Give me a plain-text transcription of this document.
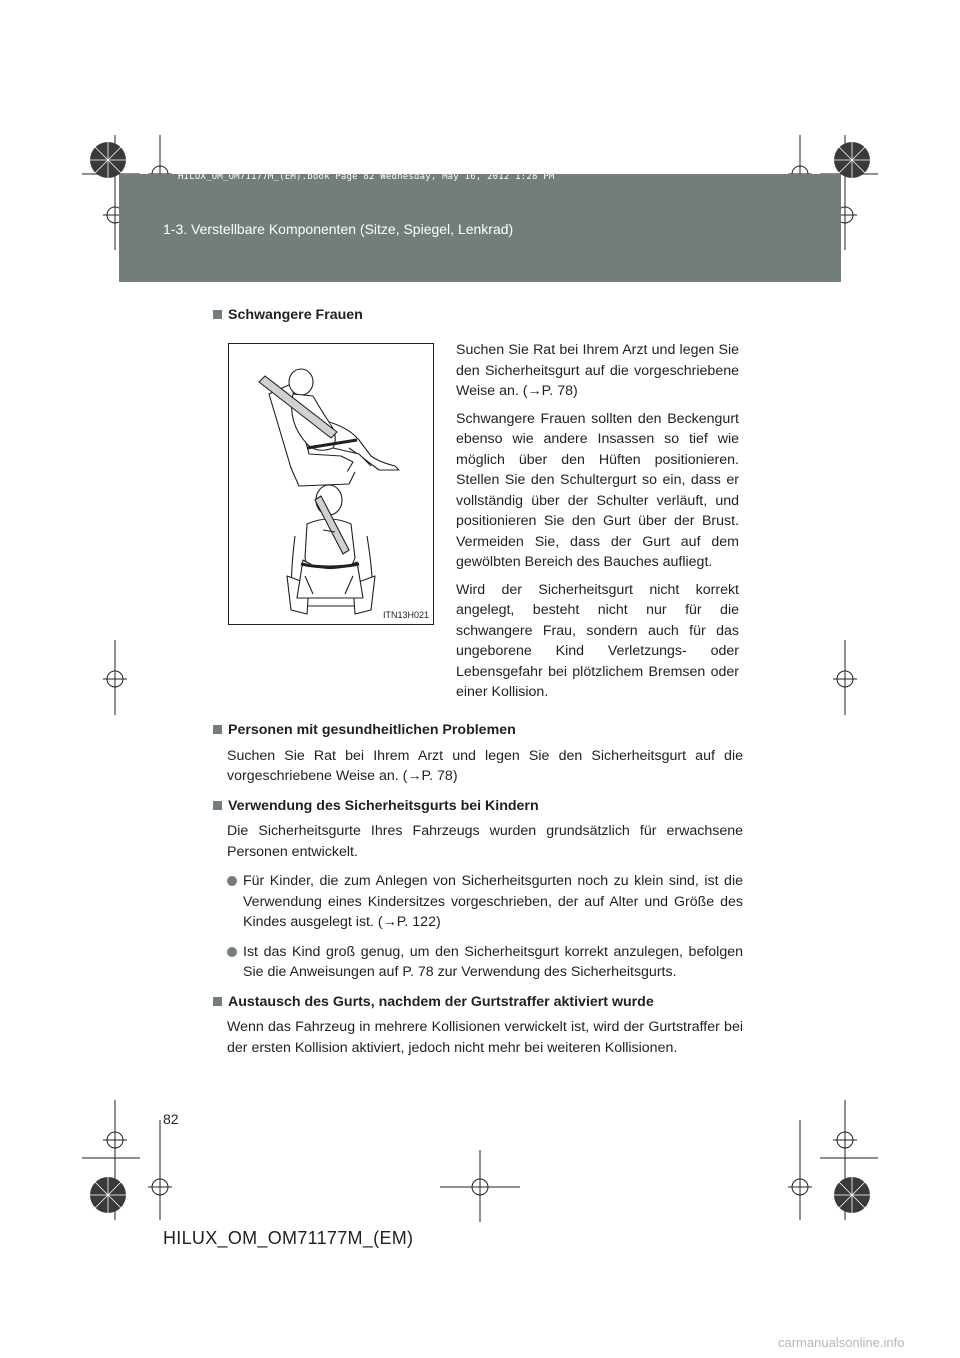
1-3. Verstellbare Komponenten (Sitze, Spiegel, Lenkrad)
HILUX_OM_OM71177M_(EM).book Page 82 Wednesday, May 16, 2012 1:28 PM
Schwangere Frauen
ITN13H021

Suchen Sie Rat bei Ihrem Arzt und legen Sie den Sicherheitsgurt auf die vorgeschriebene Weise an. (→P. 78)

Schwangere Frauen sollten den Beckengurt ebenso wie andere Insassen so tief wie möglich über den Hüften positionieren. Stellen Sie den Schultergurt so ein, dass er vollständig über der Schulter verläuft, und positionieren Sie den Gurt über der Brust. Vermeiden Sie, dass der Gurt auf dem gewölbten Bereich des Bauches aufliegt.

Wird der Sicherheitsgurt nicht korrekt angelegt, besteht nicht nur für die schwangere Frau, sondern auch für das ungeborene Kind Verletzungs- oder Lebensgefahr bei plötzlichem Bremsen oder einer Kollision.

Personen mit gesundheitlichen Problemen
Suchen Sie Rat bei Ihrem Arzt und legen Sie den Sicherheitsgurt auf die vorgeschriebene Weise an. (→P. 78)
Verwendung des Sicherheitsgurts bei Kindern
Die Sicherheitsgurte Ihres Fahrzeugs wurden grundsätzlich für erwachsene Personen entwickelt.
Für Kinder, die zum Anlegen von Sicherheitsgurten noch zu klein sind, ist die Verwendung eines Kindersitzes vorgeschrieben, der auf Alter und Größe des Kindes ausgelegt ist. (→P. 122)
Ist das Kind groß genug, um den Sicherheitsgurt korrekt anzulegen, befolgen Sie die Anweisungen auf P. 78 zur Verwendung des Sicherheitsgurts.
Austausch des Gurts, nachdem der Gurtstraffer aktiviert wurde
Wenn das Fahrzeug in mehrere Kollisionen verwickelt ist, wird der Gurtstraffer bei der ersten Kollision aktiviert, jedoch nicht mehr bei weiteren Kollisionen.
82
HILUX_OM_OM71177M_(EM)
carmanualsonline.info
